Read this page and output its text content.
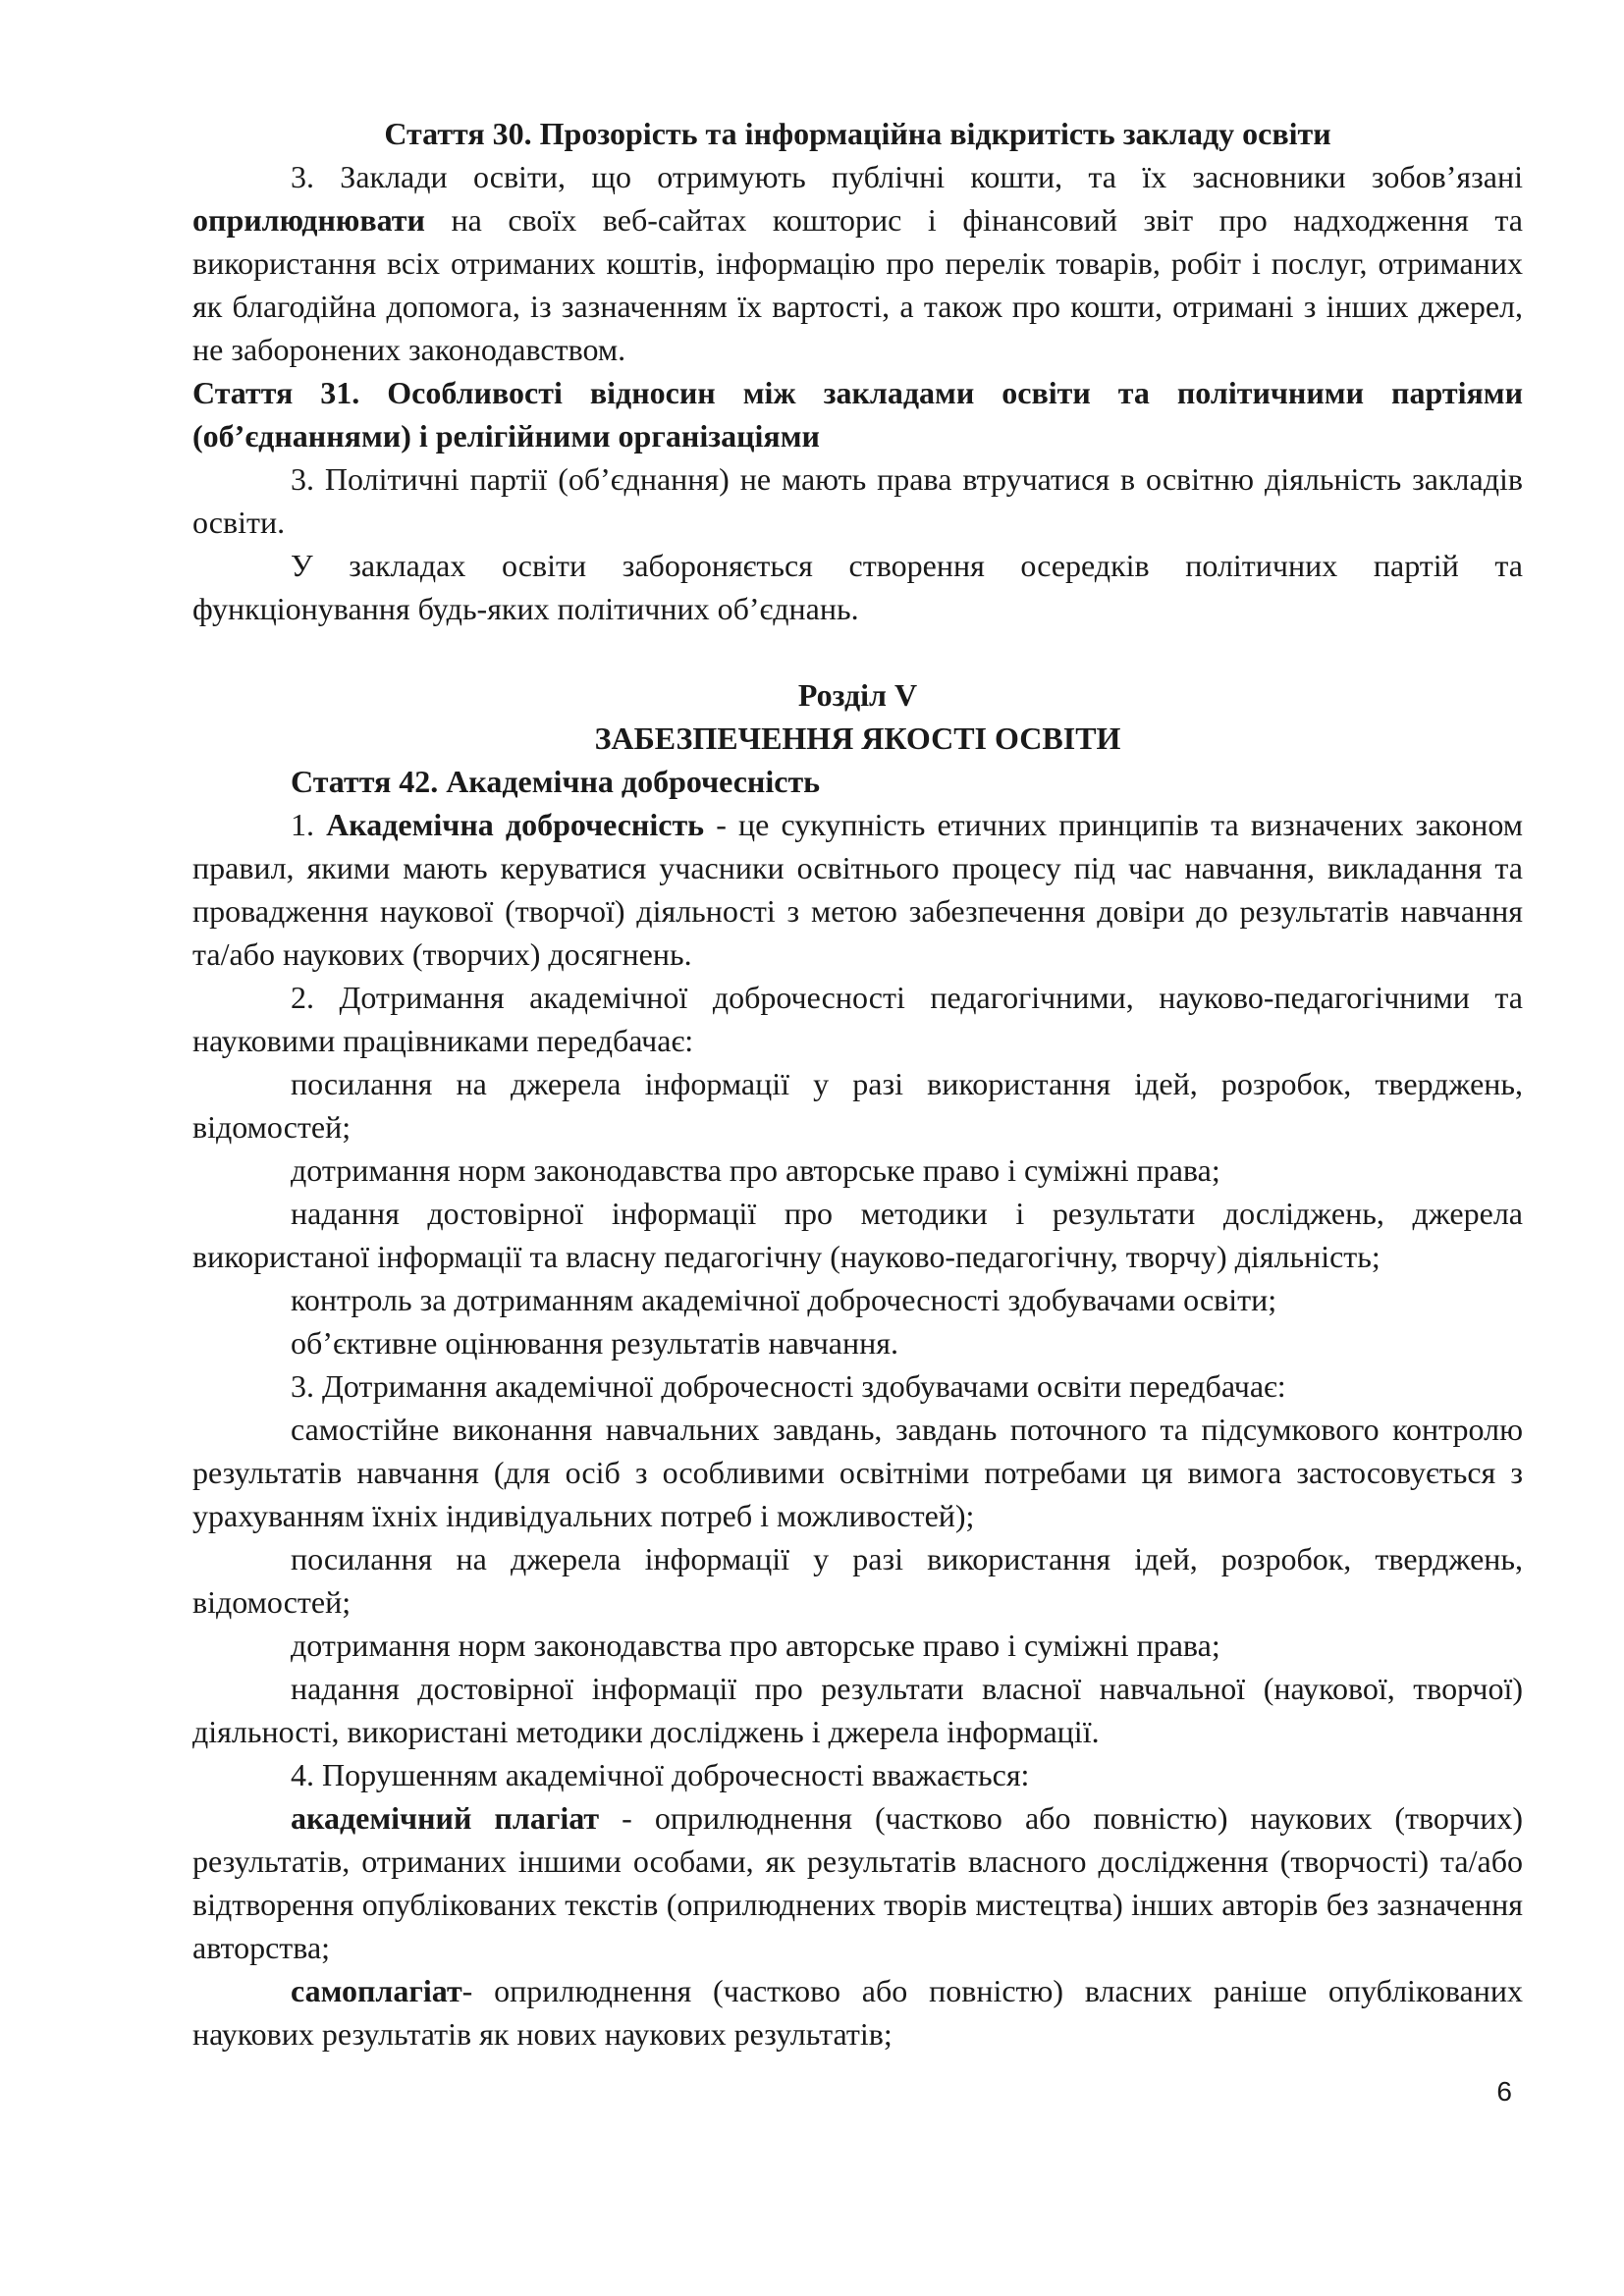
Стаття 30. Прозорість та інформаційна відкритість закладу освіти

3. Заклади освіти, що отримують публічні кошти, та їх засновники зобов’язані оприлюднювати на своїх веб-сайтах кошторис і фінансовий звіт про надходження та використання всіх отриманих коштів, інформацію про перелік товарів, робіт і послуг, отриманих як благодійна допомога, із зазначенням їх вартості, а також про кошти, отримані з інших джерел, не заборонених законодавством.

Стаття 31. Особливості відносин між закладами освіти та політичними партіями (об’єднаннями) і релігійними організаціями

3. Політичні партії (об’єднання) не мають права втручатися в освітню діяльність закладів освіти.

У закладах освіти забороняється створення осередків політичних партій та функціонування будь-яких політичних об’єднань.

Розділ V

ЗАБЕЗПЕЧЕННЯ ЯКОСТІ ОСВІТИ

Стаття 42. Академічна доброчесність

1. Академічна доброчесність - це сукупність етичних принципів та визначених законом правил, якими мають керуватися учасники освітнього процесу під час навчання, викладання та провадження наукової (творчої) діяльності з метою забезпечення довіри до результатів навчання та/або наукових (творчих) досягнень.

2. Дотримання академічної доброчесності педагогічними, науково-педагогічними та науковими працівниками передбачає:

посилання на джерела інформації у разі використання ідей, розробок, тверджень, відомостей;

дотримання норм законодавства про авторське право і суміжні права;

надання достовірної інформації про методики і результати досліджень, джерела використаної інформації та власну педагогічну (науково-педагогічну, творчу) діяльність;

контроль за дотриманням академічної доброчесності здобувачами освіти;

об’єктивне оцінювання результатів навчання.

3. Дотримання академічної доброчесності здобувачами освіти передбачає:

самостійне виконання навчальних завдань, завдань поточного та підсумкового контролю результатів навчання (для осіб з особливими освітніми потребами ця вимога застосовується з урахуванням їхніх індивідуальних потреб і можливостей);

посилання на джерела інформації у разі використання ідей, розробок, тверджень, відомостей;

дотримання норм законодавства про авторське право і суміжні права;

надання достовірної інформації про результати власної навчальної (наукової, творчої) діяльності, використані методики досліджень і джерела інформації.

4. Порушенням академічної доброчесності вважається:

академічний плагіат - оприлюднення (частково або повністю) наукових (творчих) результатів, отриманих іншими особами, як результатів власного дослідження (творчості) та/або відтворення опублікованих текстів (оприлюднених творів мистецтва) інших авторів без зазначення авторства;

самоплагіат- оприлюднення (частково або повністю) власних раніше опублікованих наукових результатів як нових наукових результатів;

6
